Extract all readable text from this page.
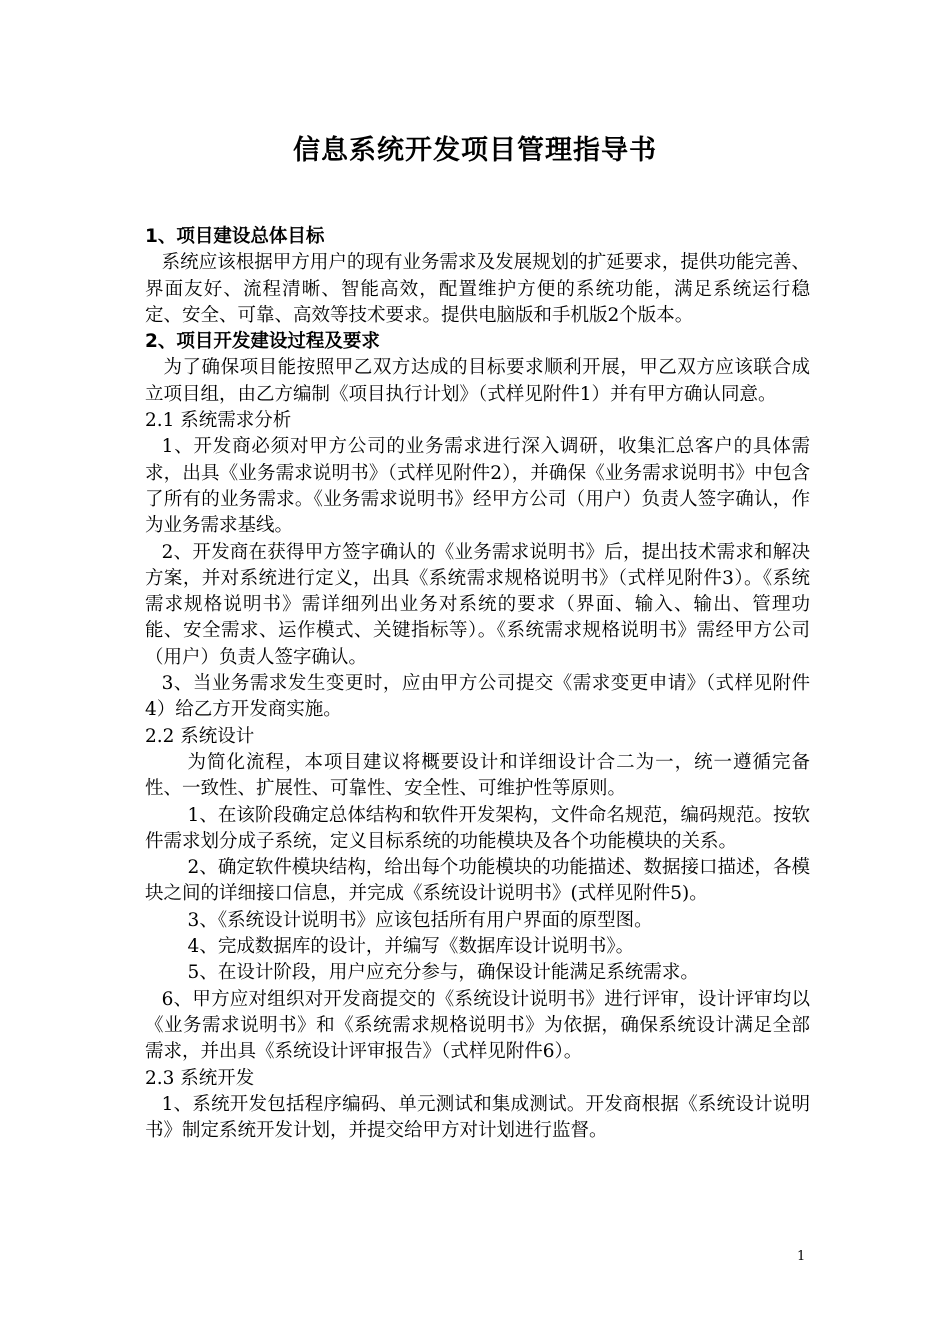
信息系统开发项目管理指导书

1、项目建设总体目标

系统应该根据甲方用户的现有业务需求及发展规划的扩延要求，提供功能完善、界面友好、流程清晰、智能高效，配置维护方便的系统功能，满足系统运行稳定、安全、可靠、高效等技术要求。提供电脑版和手机版2个版本。

2、项目开发建设过程及要求

为了确保项目能按照甲乙双方达成的目标要求顺利开展，甲乙双方应该联合成立项目组，由乙方编制《项目执行计划》（式样见附件1）并有甲方确认同意。

2.1 系统需求分析

1、开发商必须对甲方公司的业务需求进行深入调研，收集汇总客户的具体需求，出具《业务需求说明书》（式样见附件2），并确保《业务需求说明书》中包含了所有的业务需求。《业务需求说明书》经甲方公司（用户）负责人签字确认，作为业务需求基线。

2、开发商在获得甲方签字确认的《业务需求说明书》后，提出技术需求和解决方案，并对系统进行定义，出具《系统需求规格说明书》（式样见附件3）。《系统需求规格说明书》需详细列出业务对系统的要求（界面、输入、输出、管理功能、安全需求、运作模式、关键指标等）。《系统需求规格说明书》需经甲方公司（用户）负责人签字确认。

3、当业务需求发生变更时，应由甲方公司提交《需求变更申请》（式样见附件4）给乙方开发商实施。

2.2 系统设计

为简化流程，本项目建议将概要设计和详细设计合二为一，统一遵循完备性、一致性、扩展性、可靠性、安全性、可维护性等原则。

1、在该阶段确定总体结构和软件开发架构，文件命名规范，编码规范。按软件需求划分成子系统，定义目标系统的功能模块及各个功能模块的关系。

2、确定软件模块结构，给出每个功能模块的功能描述、数据接口描述，各模块之间的详细接口信息，并完成《系统设计说明书》(式样见附件5)。

3、《系统设计说明书》应该包括所有用户界面的原型图。

4、完成数据库的设计，并编写《数据库设计说明书》。

5、在设计阶段，用户应充分参与，确保设计能满足系统需求。

6、甲方应对组织对开发商提交的《系统设计说明书》进行评审，设计评审均以《业务需求说明书》和《系统需求规格说明书》为依据，确保系统设计满足全部需求，并出具《系统设计评审报告》（式样见附件6）。

2.3 系统开发

1、系统开发包括程序编码、单元测试和集成测试。开发商根据《系统设计说明书》制定系统开发计划，并提交给甲方对计划进行监督。

1
